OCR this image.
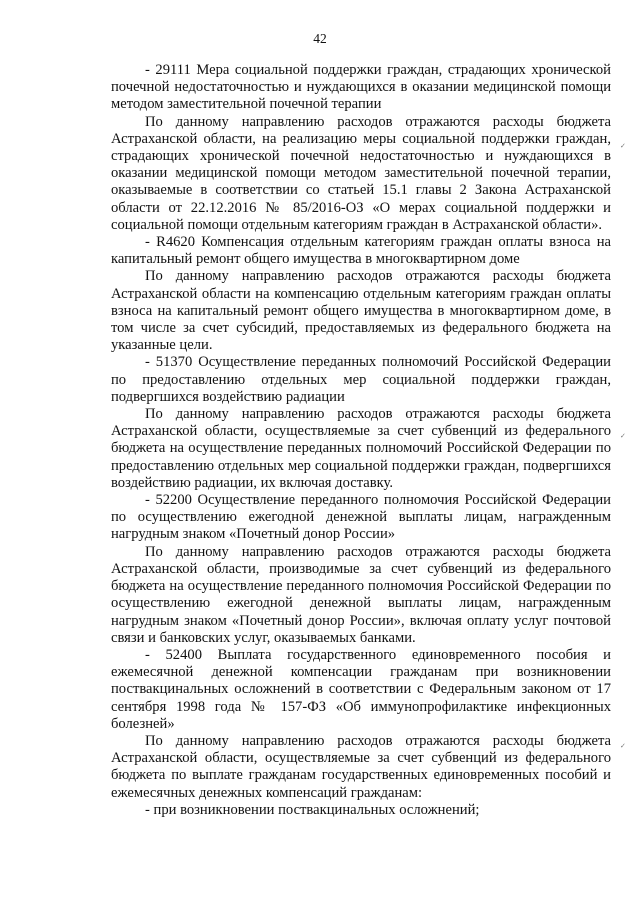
42

- 29111 Мера социальной поддержки граждан, страдающих хронической почечной недостаточностью и нуждающихся в оказании медицинской помощи методом заместительной почечной терапии

По данному направлению расходов отражаются расходы бюджета Астраханской области, на реализацию меры социальной поддержки граждан, страдающих хронической почечной недостаточностью и нуждающихся в оказании медицинской помощи методом заместительной почечной терапии, оказываемые в соответствии со статьей 15.1 главы 2 Закона Астраханской области от 22.12.2016 № 85/2016-ОЗ «О мерах социальной поддержки и социальной помощи отдельным категориям граждан в Астраханской области».

- R4620 Компенсация отдельным категориям граждан оплаты взноса на капитальный ремонт общего имущества в многоквартирном доме

По данному направлению расходов отражаются расходы бюджета Астраханской области на компенсацию отдельным категориям граждан оплаты взноса на капитальный ремонт общего имущества в многоквартирном доме, в том числе за счет субсидий, предоставляемых из федерального бюджета на указанные цели.

- 51370 Осуществление переданных полномочий Российской Федерации по предоставлению отдельных мер социальной поддержки граждан, подвергшихся воздействию радиации

По данному направлению расходов отражаются расходы бюджета Астраханской области, осуществляемые за счет субвенций из федерального бюджета на осуществление переданных полномочий Российской Федерации по предоставлению отдельных мер социальной поддержки граждан, подвергшихся воздействию радиации, их включая доставку.

- 52200 Осуществление переданного полномочия Российской Федерации по осуществлению ежегодной денежной выплаты лицам, награжденным нагрудным знаком «Почетный донор России»

По данному направлению расходов отражаются расходы бюджета Астраханской области, производимые за счет субвенций из федерального бюджета на осуществление переданного полномочия Российской Федерации по осуществлению ежегодной денежной выплаты лицам, награжденным нагрудным знаком «Почетный донор России», включая оплату услуг почтовой связи и банковских услуг, оказываемых банками.

- 52400 Выплата государственного единовременного пособия и ежемесячной денежной компенсации гражданам при возникновении поствакцинальных осложнений в соответствии с Федеральным законом от 17 сентября 1998 года № 157-ФЗ «Об иммунопрофилактике инфекционных болезней»

По данному направлению расходов отражаются расходы бюджета Астраханской области, осуществляемые за счет субвенций из федерального бюджета по выплате гражданам государственных единовременных пособий и ежемесячных денежных компенсаций гражданам:

- при возникновении поствакцинальных осложнений;

✓
✓
✓
